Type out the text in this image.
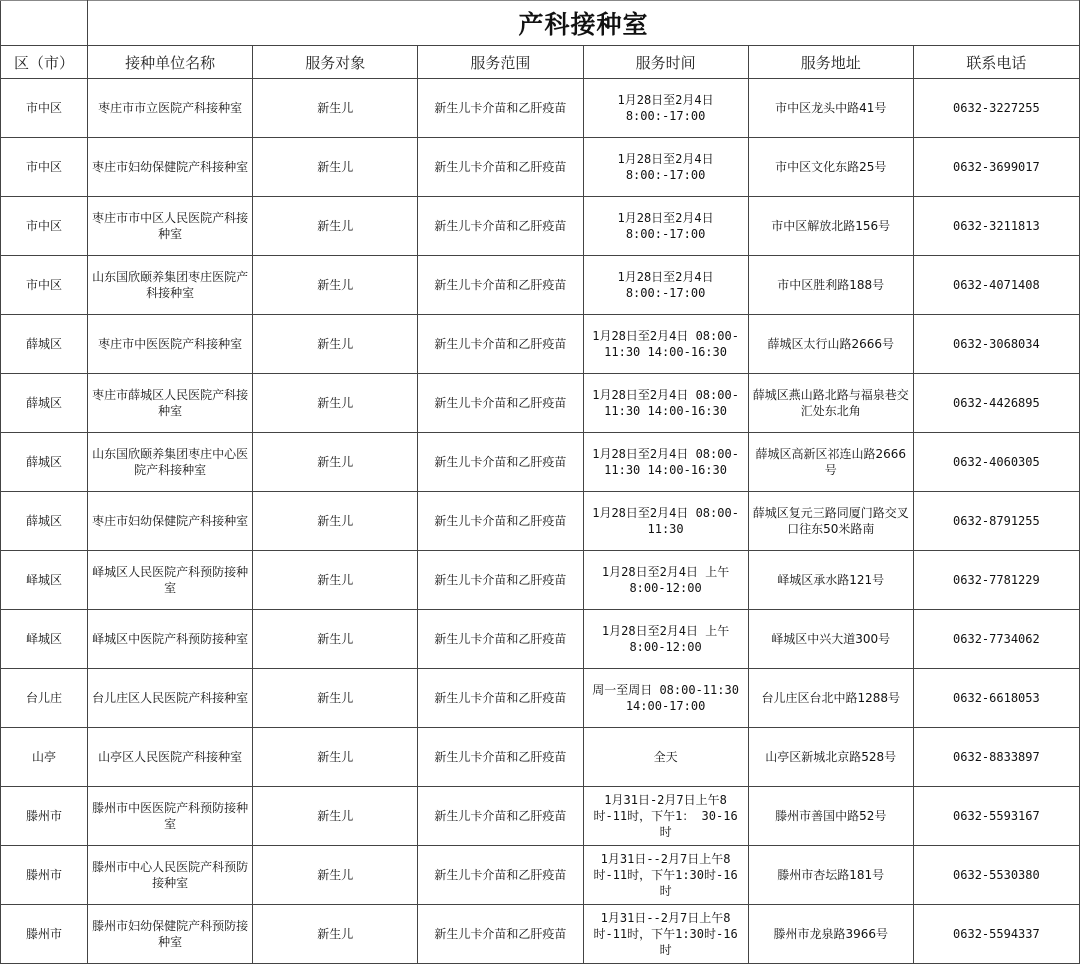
	产科接种室					
区（市）	接种单位名称	服务对象	服务范围	服务时间	服务地址	联系电话
市中区	枣庄市市立医院产科接种室	新生儿	新生儿卡介苗和乙肝疫苗	1月28日至2月4日8:00:-17:00	市中区龙头中路41号	0632-3227255
市中区	枣庄市妇幼保健院产科接种室	新生儿	新生儿卡介苗和乙肝疫苗	1月28日至2月4日8:00:-17:00	市中区文化东路25号	0632-3699017
市中区	枣庄市市中区人民医院产科接种室	新生儿	新生儿卡介苗和乙肝疫苗	1月28日至2月4日8:00:-17:00	市中区解放北路156号	0632-3211813
市中区	山东国欣颐养集团枣庄医院产科接种室	新生儿	新生儿卡介苗和乙肝疫苗	1月28日至2月4日8:00:-17:00	市中区胜利路188号	0632-4071408
薛城区	枣庄市中医医院产科接种室	新生儿	新生儿卡介苗和乙肝疫苗	1月28日至2月4日 08:00-11:30 14:00-16:30	薛城区太行山路2666号	0632-3068034
薛城区	枣庄市薛城区人民医院产科接种室	新生儿	新生儿卡介苗和乙肝疫苗	1月28日至2月4日 08:00-11:30 14:00-16:30	薛城区燕山路北路与福泉巷交汇处东北角	0632-4426895
薛城区	山东国欣颐养集团枣庄中心医院产科接种室	新生儿	新生儿卡介苗和乙肝疫苗	1月28日至2月4日 08:00-11:30 14:00-16:30	薛城区高新区祁连山路2666号	0632-4060305
薛城区	枣庄市妇幼保健院产科接种室	新生儿	新生儿卡介苗和乙肝疫苗	1月28日至2月4日 08:00-11:30	薛城区复元三路同厦门路交叉口往东50米路南	0632-8791255
峄城区	峄城区人民医院产科预防接种室	新生儿	新生儿卡介苗和乙肝疫苗	1月28日至2月4日 上午8:00-12:00	峄城区承水路121号	0632-7781229
峄城区	峄城区中医院产科预防接种室	新生儿	新生儿卡介苗和乙肝疫苗	1月28日至2月4日 上午8:00-12:00	峄城区中兴大道300号	0632-7734062
台儿庄	台儿庄区人民医院产科接种室	新生儿	新生儿卡介苗和乙肝疫苗	周一至周日 08:00-11:30 14:00-17:00	台儿庄区台北中路1288号	0632-6618053
山亭	山亭区人民医院产科接种室	新生儿	新生儿卡介苗和乙肝疫苗	全天	山亭区新城北京路528号	0632-8833897
滕州市	滕州市中医医院产科预防接种室	新生儿	新生儿卡介苗和乙肝疫苗	1月31日-2月7日上午8时-11时，下午1： 30-16时	滕州市善国中路52号	0632-5593167
滕州市	滕州市中心人民医院产科预防接种室	新生儿	新生儿卡介苗和乙肝疫苗	1月31日--2月7日上午8时-11时，下午1:30时-16时	滕州市杏坛路181号	0632-5530380
滕州市	滕州市妇幼保健院产科预防接种室	新生儿	新生儿卡介苗和乙肝疫苗	1月31日--2月7日上午8时-11时，下午1:30时-16时	滕州市龙泉路3966号	0632-5594337
